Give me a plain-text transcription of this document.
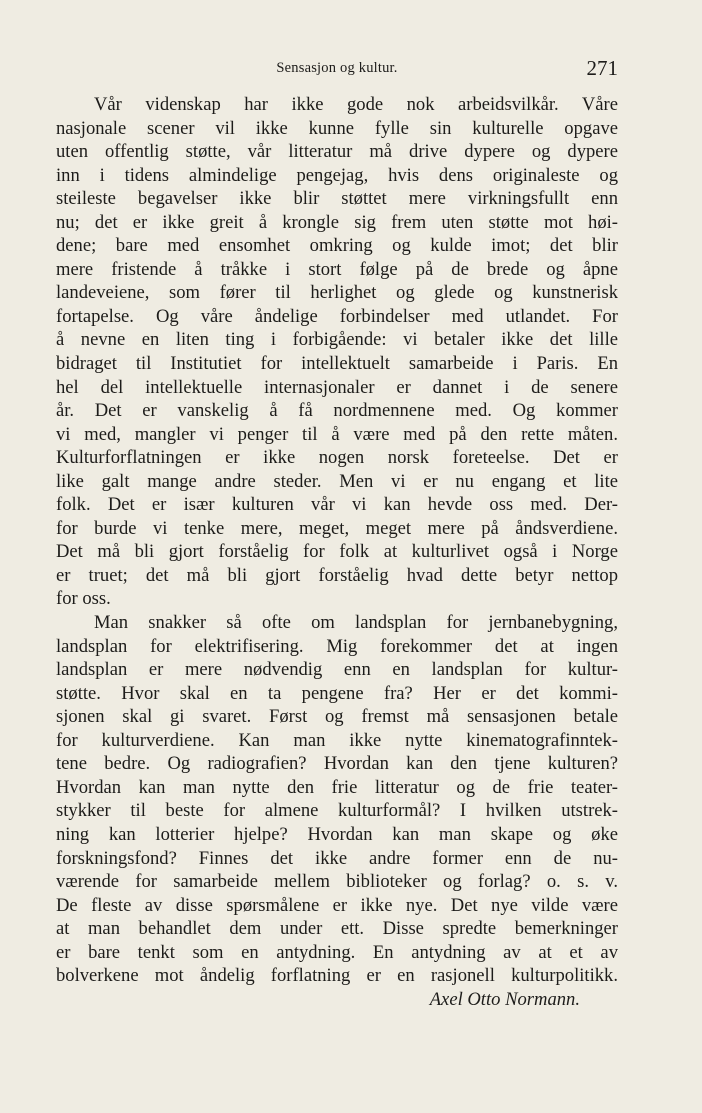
Sensasjon og kultur.	271
Vår videnskap har ikke gode nok arbeidsvilkår. Våre
nasjonale scener vil ikke kunne fylle sin kulturelle opgave
uten offentlig støtte, vår litteratur må drive dypere og dypere
inn i tidens almindelige pengejag, hvis dens originaleste og
steileste begavelser ikke blir støttet mere virkningsfullt enn
nu; det er ikke greit å krongle sig frem uten støtte mot høi-
dene; bare med ensomhet omkring og kulde imot; det blir
mere fristende å tråkke i stort følge på de brede og åpne
landeveiene, som fører til herlighet og glede og kunstnerisk
fortapelse. Og våre åndelige forbindelser med utlandet. For
å nevne en liten ting i forbigående: vi betaler ikke det lille
bidraget til Institutiet for intellektuelt samarbeide i Paris. En
hel del intellektuelle internasjonaler er dannet i de senere
år. Det er vanskelig å få nordmennene med. Og kommer
vi med, mangler vi penger til å være med på den rette måten.
Kulturforflatningen er ikke nogen norsk foreteelse. Det er
like galt mange andre steder. Men vi er nu engang et lite
folk. Det er især kulturen vår vi kan hevde oss med. Der-
for burde vi tenke mere, meget, meget mere på åndsverdiene.
Det må bli gjort forståelig for folk at kulturlivet også i Norge
er truet; det må bli gjort forståelig hvad dette betyr nettop
for oss.
Man snakker så ofte om landsplan for jernbanebygning,
landsplan for elektrifisering. Mig forekommer det at ingen
landsplan er mere nødvendig enn en landsplan for kultur-
støtte. Hvor skal en ta pengene fra? Her er det kommi-
sjonen skal gi svaret. Først og fremst må sensasjonen betale
for kulturverdiene. Kan man ikke nytte kinematografinntek-
tene bedre. Og radiografien? Hvordan kan den tjene kulturen?
Hvordan kan man nytte den frie litteratur og de frie teater-
stykker til beste for almene kulturformål? I hvilken utstrek-
ning kan lotterier hjelpe? Hvordan kan man skape og øke
forskningsfond? Finnes det ikke andre former enn de nu-
værende for samarbeide mellem biblioteker og forlag? o. s. v.
De fleste av disse spørsmålene er ikke nye. Det nye vilde være
at man behandlet dem under ett. Disse spredte bemerkninger
er bare tenkt som en antydning. En antydning av at et av
bolverkene mot åndelig forflatning er en rasjonell kulturpolitikk.
Axel Otto Normann.
